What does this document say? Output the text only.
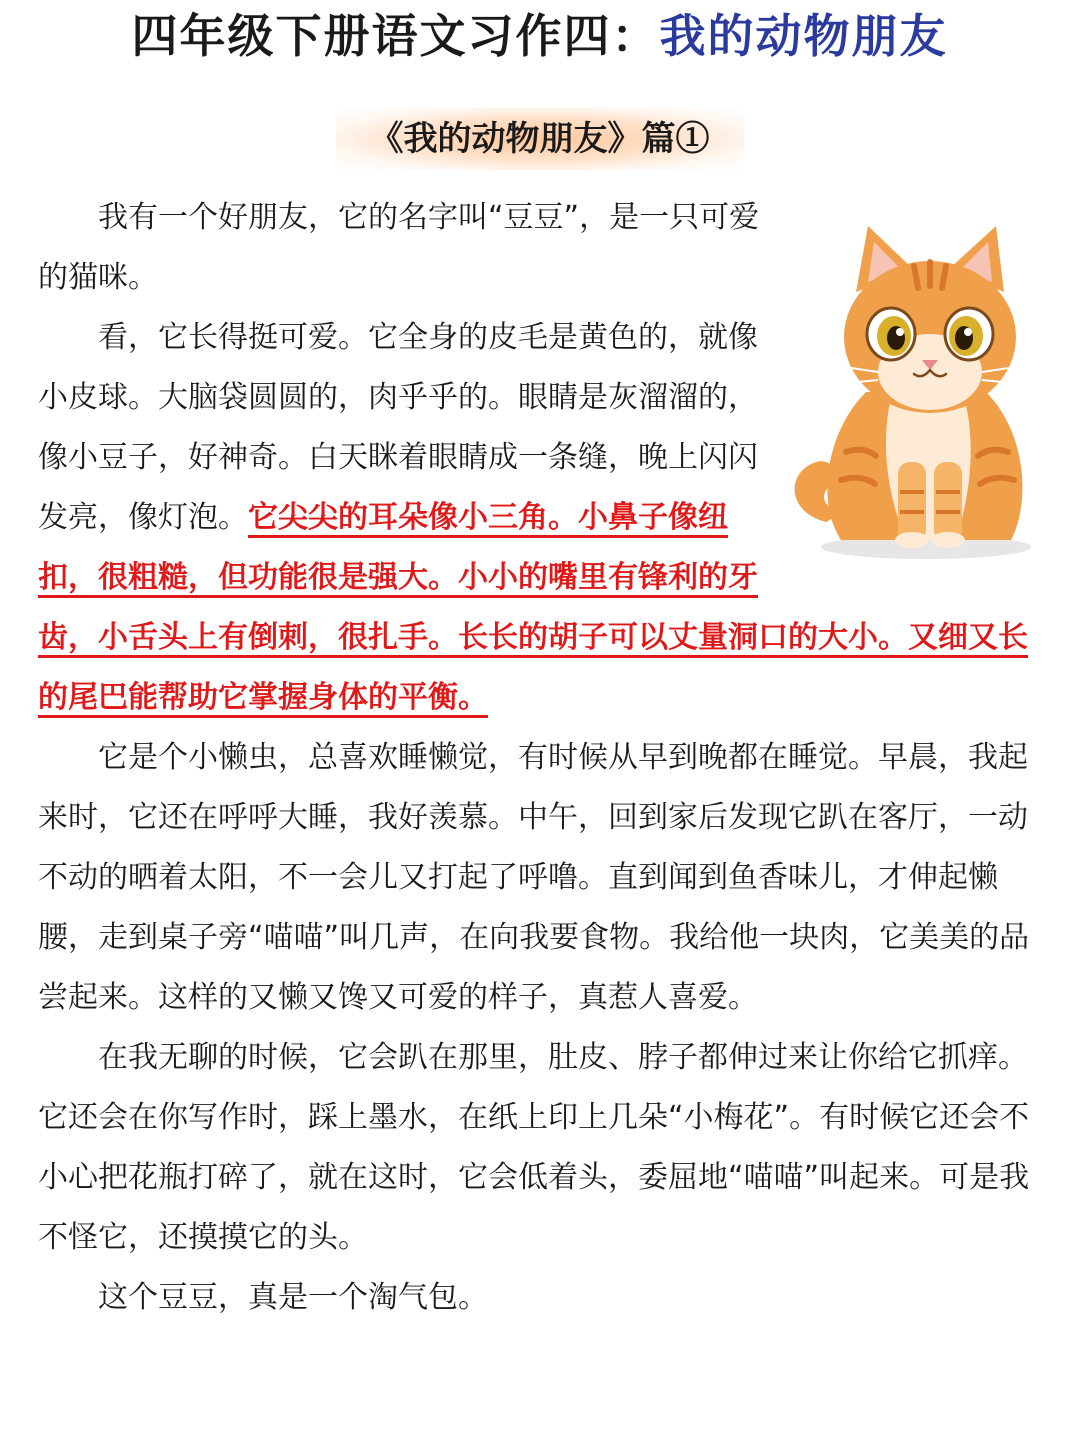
四年级下册语文习作四：我的动物朋友
《我的动物朋友》篇①

我有一个好朋友，它的名字叫“豆豆”，是一只可爱的猫咪。

看，它长得挺可爱。它全身的皮毛是黄色的，就像小皮球。大脑袋圆圆的，肉乎乎的。眼睛是灰溜溜的，像小豆子，好神奇。白天眯着眼睛成一条缝，晚上闪闪发亮，像灯泡。它尖尖的耳朵像小三角。小鼻子像纽扣，很粗糙，但功能很是强大。小小的嘴里有锋利的牙齿，小舌头上有倒刺，很扎手。长长的胡子可以丈量洞口的大小。又细又长的尾巴能帮助它掌握身体的平衡。

它是个小懒虫，总喜欢睡懒觉，有时候从早到晚都在睡觉。早晨，我起来时，它还在呼呼大睡，我好羡慕。中午，回到家后发现它趴在客厅，一动不动的晒着太阳，不一会儿又打起了呼噜。直到闻到鱼香味儿，才伸起懒腰，走到桌子旁“喵喵”叫几声，在向我要食物。我给他一块肉，它美美的品尝起来。这样的又懒又馋又可爱的样子，真惹人喜爱。

在我无聊的时候，它会趴在那里，肚皮、脖子都伸过来让你给它抓痒。它还会在你写作时，踩上墨水，在纸上印上几朵“小梅花”。有时候它还会不小心把花瓶打碎了，就在这时，它会低着头，委屈地“喵喵”叫起来。可是我不怪它，还摸摸它的头。

这个豆豆，真是一个淘气包。
